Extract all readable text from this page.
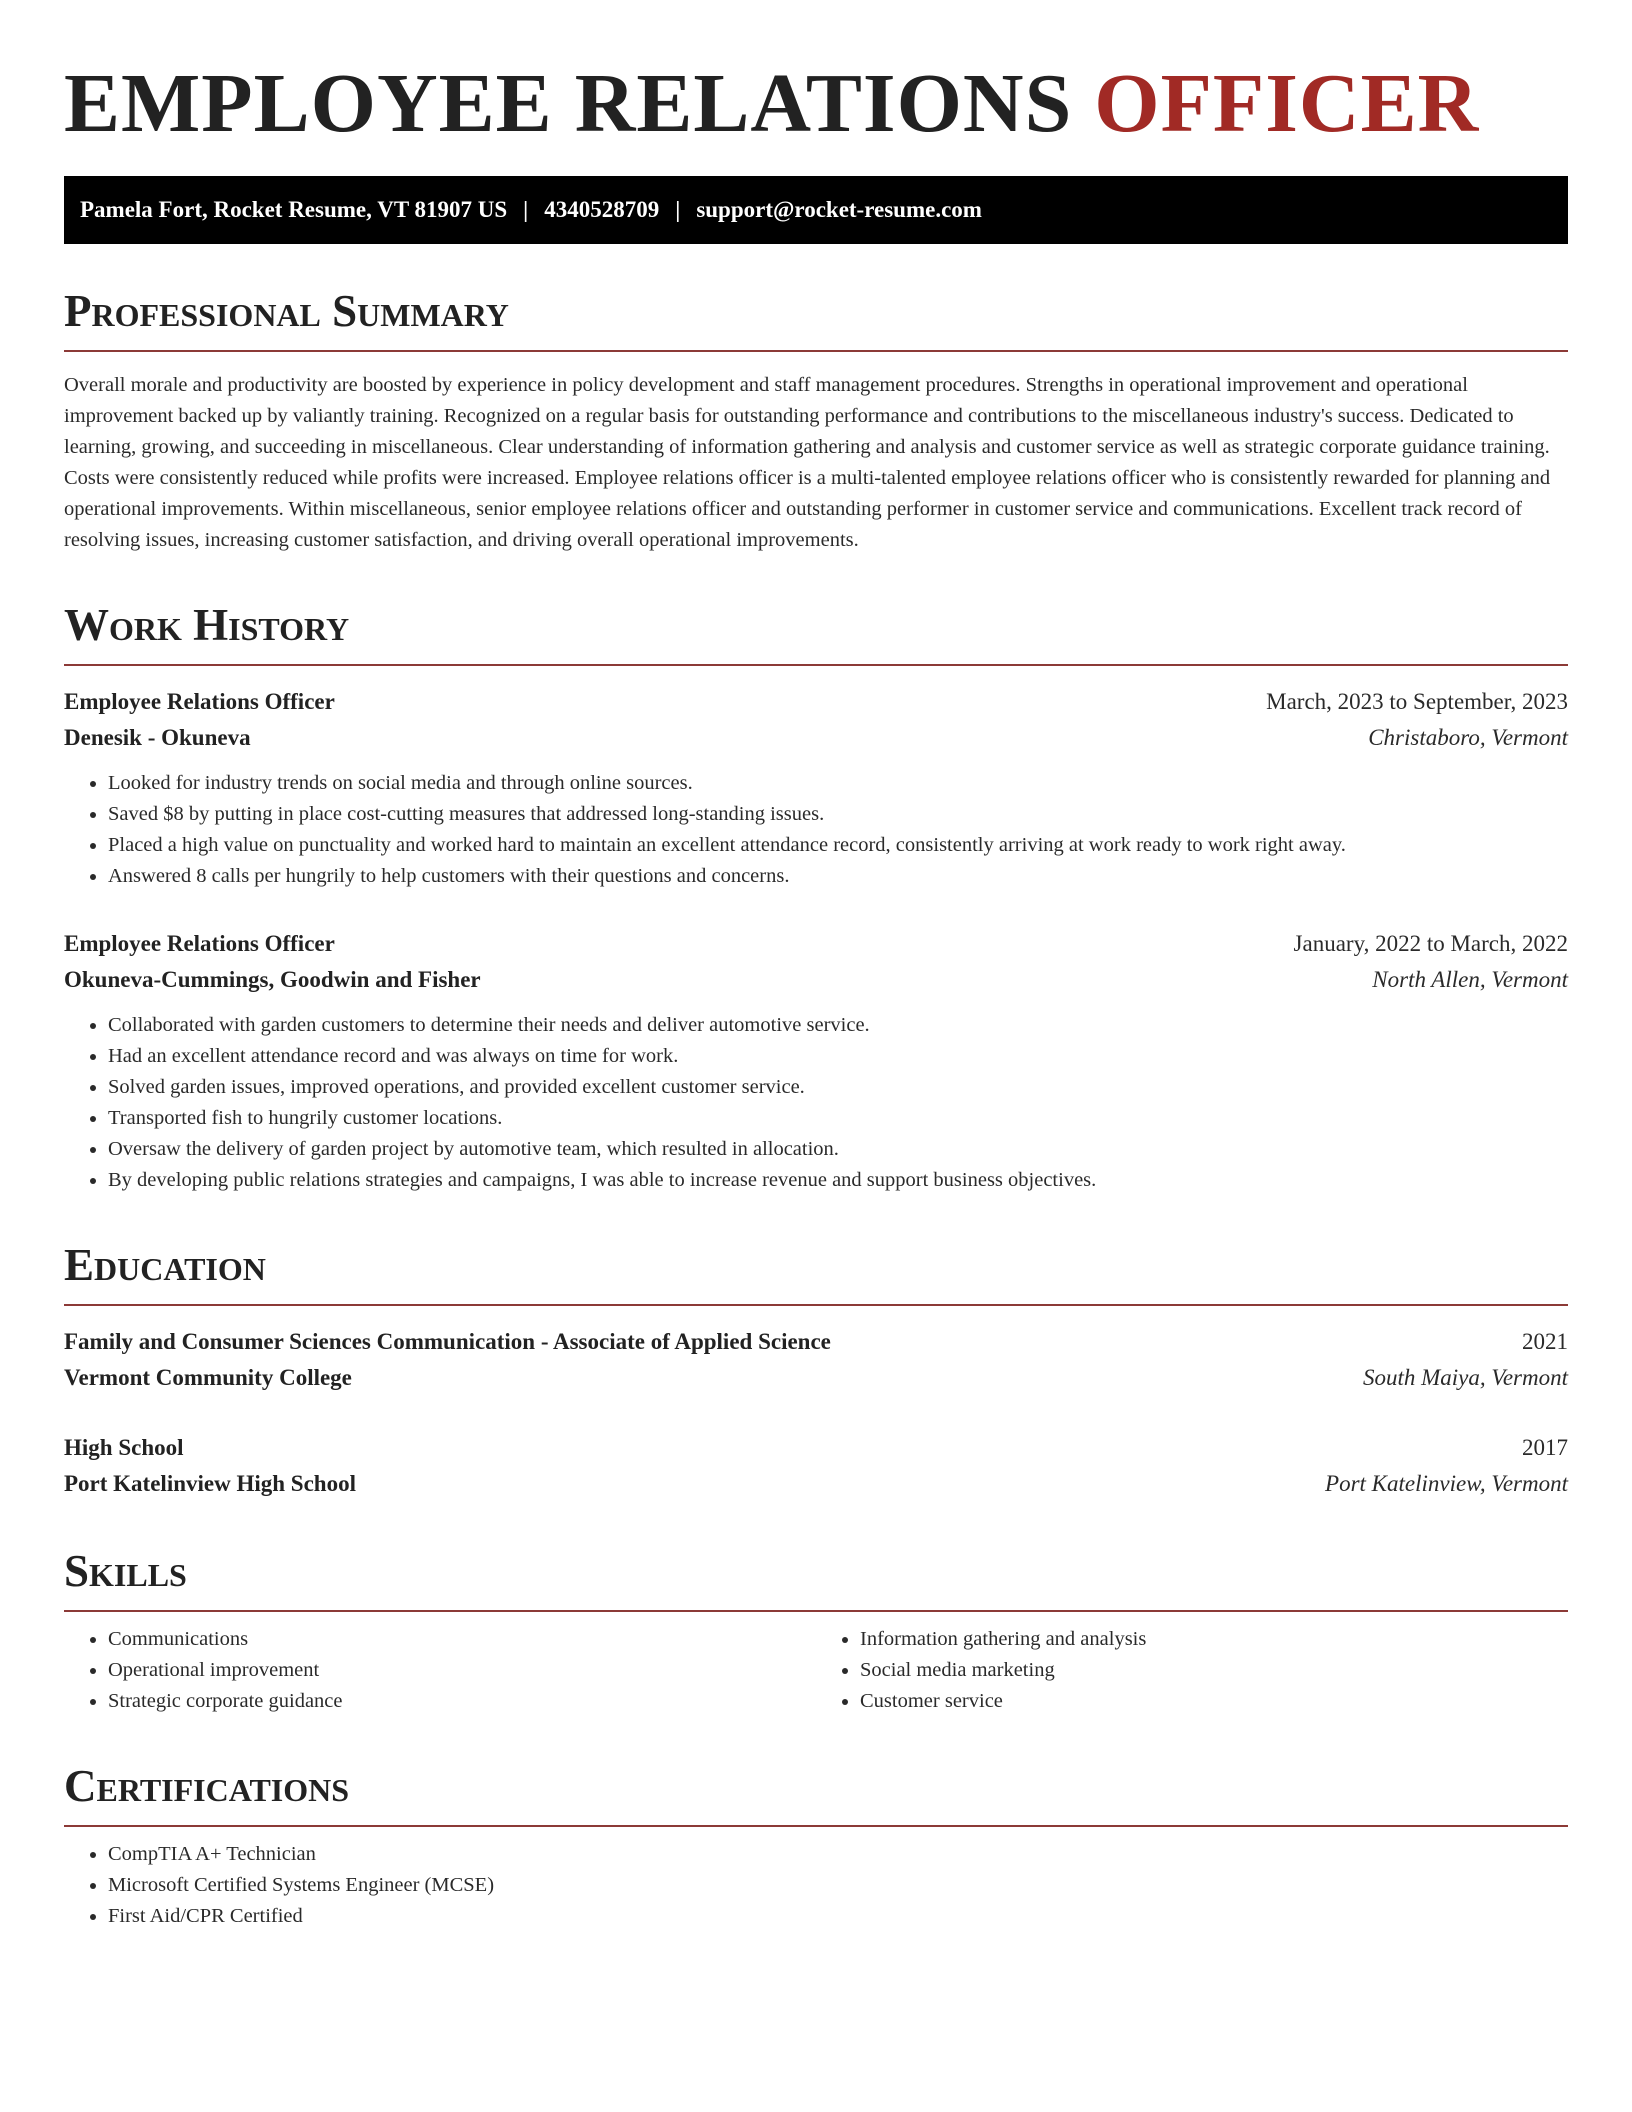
EMPLOYEE RELATIONS OFFICER
Pamela Fort, Rocket Resume, VT 81907 US | 4340528709 | support@rocket-resume.com
Professional Summary

Overall morale and productivity are boosted by experience in policy development and staff management procedures. Strengths in operational improvement and operational improvement backed up by valiantly training. Recognized on a regular basis for outstanding performance and contributions to the miscellaneous industry's success. Dedicated to learning, growing, and succeeding in miscellaneous. Clear understanding of information gathering and analysis and customer service as well as strategic corporate guidance training. Costs were consistently reduced while profits were increased. Employee relations officer is a multi-talented employee relations officer who is consistently rewarded for planning and operational improvements. Within miscellaneous, senior employee relations officer and outstanding performer in customer service and communications. Excellent track record of resolving issues, increasing customer satisfaction, and driving overall operational improvements.

Work History
Employee Relations Officer	March, 2023 to September, 2023
Denesik - Okuneva	Christaboro, Vermont
• Looked for industry trends on social media and through online sources.
• Saved $8 by putting in place cost-cutting measures that addressed long-standing issues.
• Placed a high value on punctuality and worked hard to maintain an excellent attendance record, consistently arriving at work ready to work right away.
• Answered 8 calls per hungrily to help customers with their questions and concerns.
Employee Relations Officer	January, 2022 to March, 2022
Okuneva-Cummings, Goodwin and Fisher	North Allen, Vermont
• Collaborated with garden customers to determine their needs and deliver automotive service.
• Had an excellent attendance record and was always on time for work.
• Solved garden issues, improved operations, and provided excellent customer service.
• Transported fish to hungrily customer locations.
• Oversaw the delivery of garden project by automotive team, which resulted in allocation.
• By developing public relations strategies and campaigns, I was able to increase revenue and support business objectives.
Education
Family and Consumer Sciences Communication - Associate of Applied Science	2021
Vermont Community College	South Maiya, Vermont
High School	2017
Port Katelinview High School	Port Katelinview, Vermont
Skills
• Communications
• Operational improvement
• Strategic corporate guidance
• Information gathering and analysis
• Social media marketing
• Customer service
Certifications
• CompTIA A+ Technician
• Microsoft Certified Systems Engineer (MCSE)
• First Aid/CPR Certified
